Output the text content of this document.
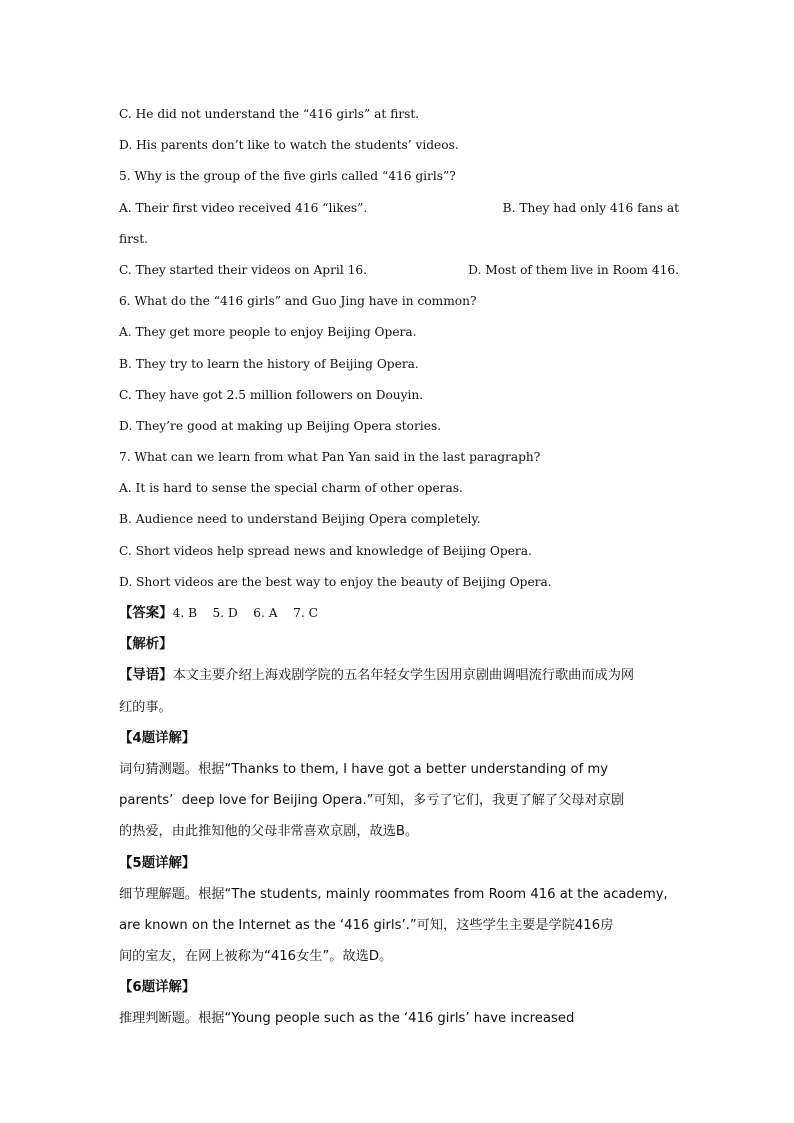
C. He did not understand the “416 girls” at first.
D. His parents don’t like to watch the students’ videos.
5. Why is the group of the five girls called “416 girls”?
A. Their first video received 416 “likes”.	B. They had only 416 fans at
first.
C. They started their videos on April 16.	D. Most of them live in Room 416.
6. What do the “416 girls” and Guo Jing have in common?
A. They get more people to enjoy Beijing Opera.
B. They try to learn the history of Beijing Opera.
C. They have got 2.5 million followers on Douyin.
D. They’re good at making up Beijing Opera stories.
7. What can we learn from what Pan Yan said in the last paragraph?
A. It is hard to sense the special charm of other operas.
B. Audience need to understand Beijing Opera completely.
C. Short videos help spread news and knowledge of Beijing Opera.
D. Short videos are the best way to enjoy the beauty of Beijing Opera.
【答案】4. B    5. D    6. A    7. C
【解析】
【导语】本文主要介绍上海戏剧学院的五名年轻女学生因用京剧曲调唱流行歌曲而成为网
红的事。
【4题详解】
词句猜测题。根据“Thanks to them, I have got a better understanding of my
parents’  deep love for Beijing Opera.”可知，多亏了它们，我更了解了父母对京剧
的热爱，由此推知他的父母非常喜欢京剧，故选B。
【5题详解】
细节理解题。根据“The students, mainly roommates from Room 416 at the academy,
are known on the Internet as the ‘416 girls’.”可知，这些学生主要是学院416房
间的室友，在网上被称为“416女生”。故选D。
【6题详解】
推理判断题。根据“Young people such as the ‘416 girls’ have increased
